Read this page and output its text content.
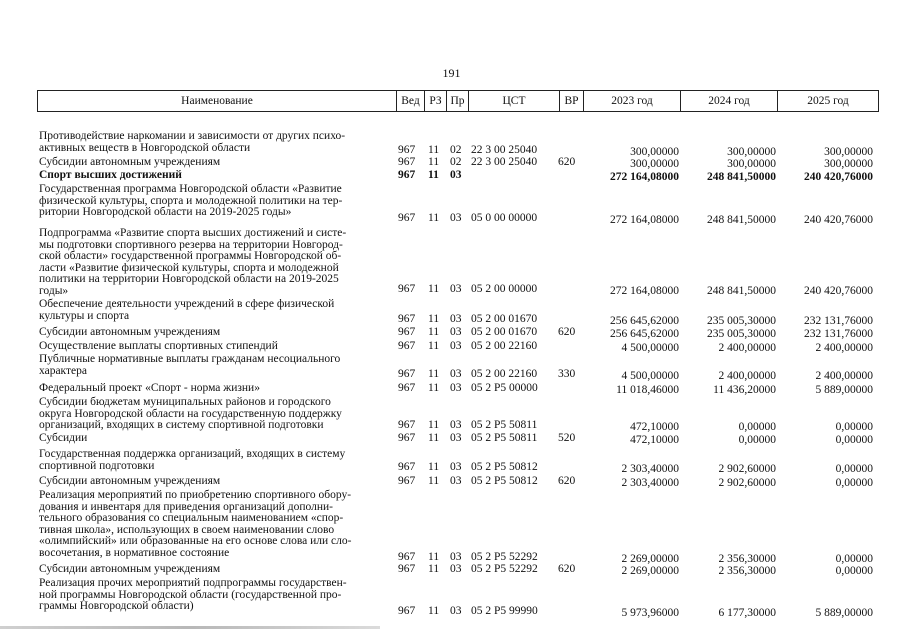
191
Наименование	Вед РЗ Пр	ЦСТ	ВР	2023 год	2024 год	2025 год
Противодействие наркомании и зависимости от других психо-
активных веществ в Новгородской области	967	11 02 22 3 00 25040	300,00000	300,00000	300,00000
Субсидии автономным учреждениям	967	11 02 22 3 00 25040	620	300,00000	300,00000	300,00000
Спорт высших достижений	967	11 03	272 164,08000	248 841,50000	240 420,76000
Государственная программа Новгородской области «Развитие
физической культуры, спорта и молодежной политики на тер-
ритории Новгородской области на 2019-2025 годы»	967	11 03 05 0 00 00000	272 164,08000	248 841,50000	240 420,76000
Подпрограмма «Развитие спорта высших достижений и систе-
мы подготовки спортивного резерва на территории Новгород-
ской области» государственной программы Новгородской об-
ласти «Развитие физической культуры, спорта и молодежной
политики на территории Новгородской области на 2019-2025
годы»	967	11 03 05 2 00 00000	272 164,08000	248 841,50000	240 420,76000
Обеспечение деятельности учреждений в сфере физической
культуры и спорта	967	11 03 05 2 00 01670	256 645,62000	235 005,30000	232 131,76000
Субсидии автономным учреждениям	967	11 03 05 2 00 01670	620	256 645,62000	235 005,30000	232 131,76000
Осуществление выплаты спортивных стипендий	967	11 03 05 2 00 22160	4 500,00000	2 400,00000	2 400,00000
Публичные нормативные выплаты гражданам несоциального
характера	967	11 03 05 2 00 22160	330	4 500,00000	2 400,00000	2 400,00000
Федеральный проект «Спорт - норма жизни»	967	11 03 05 2 P5 00000	11 018,46000	11 436,20000	5 889,00000
Субсидии бюджетам муниципальных районов и городского
округа Новгородской области на государственную поддержку
организаций, входящих в систему спортивной подготовки	967	11 03 05 2 P5 50811	472,10000	0,00000	0,00000
Субсидии	967	11 03 05 2 P5 50811	520	472,10000	0,00000	0,00000
Государственная поддержка организаций, входящих в систему
спортивной подготовки	967	11 03 05 2 P5 50812	2 303,40000	2 902,60000	0,00000
Субсидии автономным учреждениям	967	11 03 05 2 P5 50812	620	2 303,40000	2 902,60000	0,00000
Реализация мероприятий по приобретению спортивного обору-
дования и инвентаря для приведения организаций дополни-
тельного образования со специальным наименованием «спор-
тивная школа», использующих в своем наименовании слово
«олимпийский» или образованные на его основе слова или сло-
восочетания, в нормативное состояние	967	11 03 05 2 P5 52292	2 269,00000	2 356,30000	0,00000
Субсидии автономным учреждениям	967	11 03 05 2 P5 52292	620	2 269,00000	2 356,30000	0,00000
Реализация прочих мероприятий подпрограммы государствен-
ной программы Новгородской области (государственной про-
граммы Новгородской области)	967	11 03 05 2 P5 99990	5 973,96000	6 177,30000	5 889,00000
